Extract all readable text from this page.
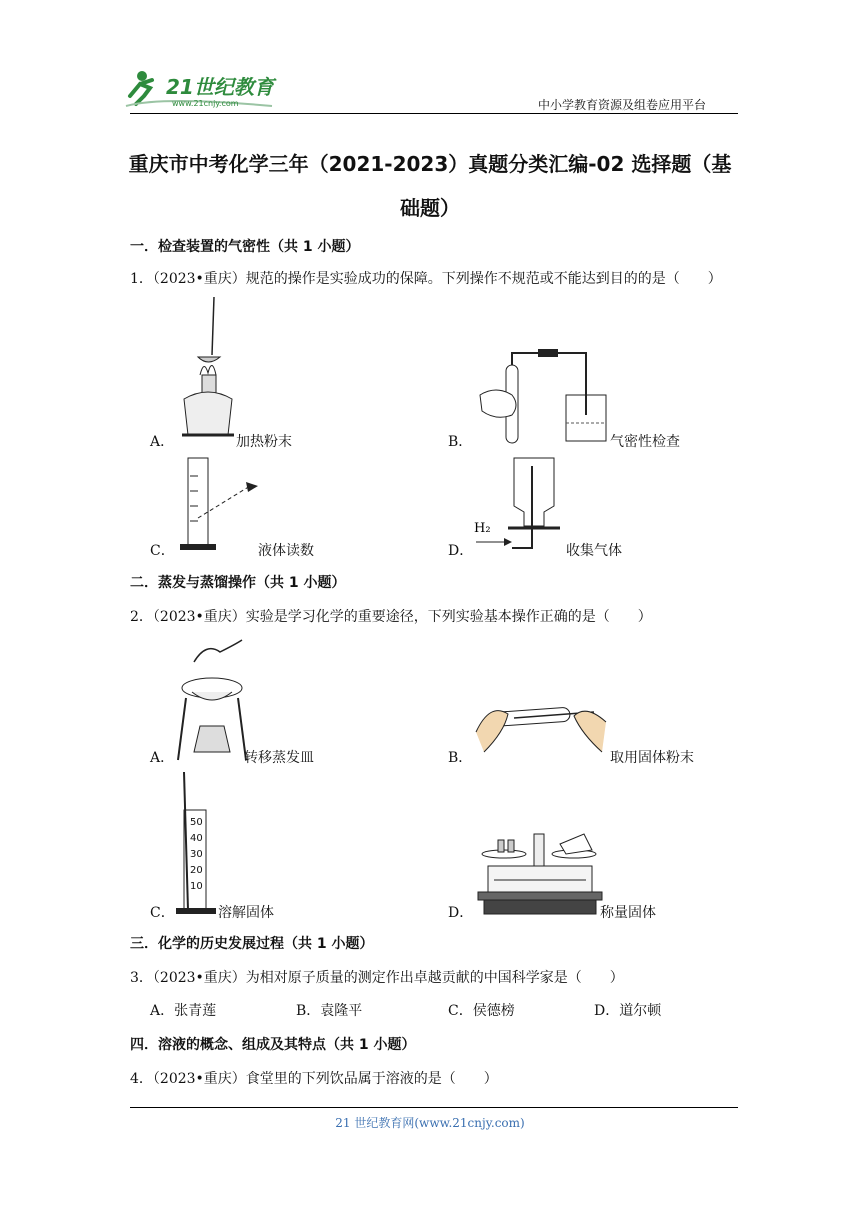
21世纪教育
www.21cnjy.com	中小学教育资源及组卷应用平台
重庆市中考化学三年（2021-2023）真题分类汇编-02 选择题（基
础题）
一．检查装置的气密性（共 1 小题）
1．（2023•重庆）规范的操作是实验成功的保障。下列操作不规范或不能达到目的的是（　　）
A．	加热粉末	B．	气密性检查
C．	液体读数
H₂
D．	收集气体
二．蒸发与蒸馏操作（共 1 小题）
2．（2023•重庆）实验是学习化学的重要途径，下列实验基本操作正确的是（　　）
A．	转移蒸发皿	B．	取用固体粉末
50
40
30
20
10
C．	溶解固体	D．	称量固体
三．化学的历史发展过程（共 1 小题）
3．（2023•重庆）为相对原子质量的测定作出卓越贡献的中国科学家是（　　）
A．张青莲	B．袁隆平	C．侯德榜	D．道尔顿
四．溶液的概念、组成及其特点（共 1 小题）
4．（2023•重庆）食堂里的下列饮品属于溶液的是（　　）
21 世纪教育网(www.21cnjy.com)
